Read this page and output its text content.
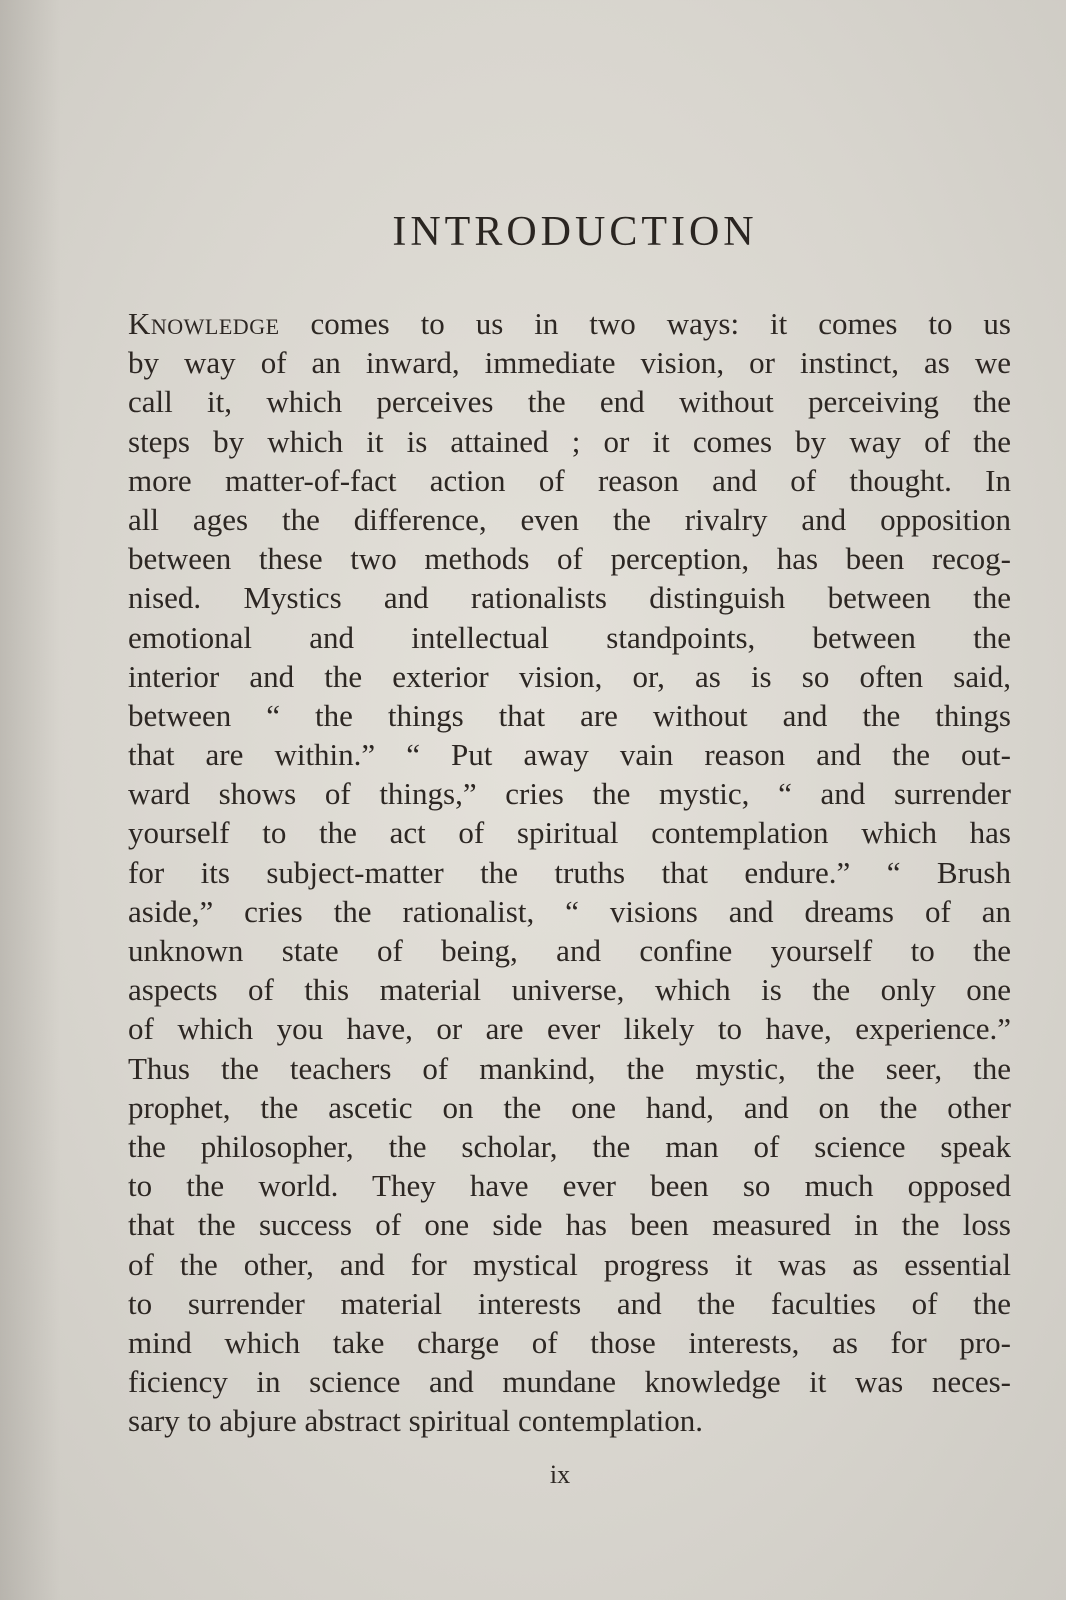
INTRODUCTION
Knowledge comes to us in two ways: it comes to us
by way of an inward, immediate vision, or instinct, as we
call it, which perceives the end without perceiving the
steps by which it is attained ; or it comes by way of the
more matter-of-fact action of reason and of thought. In
all ages the difference, even the rivalry and opposition
between these two methods of perception, has been recog-
nised. Mystics and rationalists distinguish between the
emotional and intellectual standpoints, between the
interior and the exterior vision, or, as is so often said,
between “ the things that are without and the things
that are within.” “ Put away vain reason and the out-
ward shows of things,” cries the mystic, “ and surrender
yourself to the act of spiritual contemplation which has
for its subject-matter the truths that endure.” “ Brush
aside,” cries the rationalist, “ visions and dreams of an
unknown state of being, and confine yourself to the
aspects of this material universe, which is the only one
of which you have, or are ever likely to have, experience.”
Thus the teachers of mankind, the mystic, the seer, the
prophet, the ascetic on the one hand, and on the other
the philosopher, the scholar, the man of science speak
to the world. They have ever been so much opposed
that the success of one side has been measured in the loss
of the other, and for mystical progress it was as essential
to surrender material interests and the faculties of the
mind which take charge of those interests, as for pro-
ficiency in science and mundane knowledge it was neces-
sary to abjure abstract spiritual contemplation.
ix
